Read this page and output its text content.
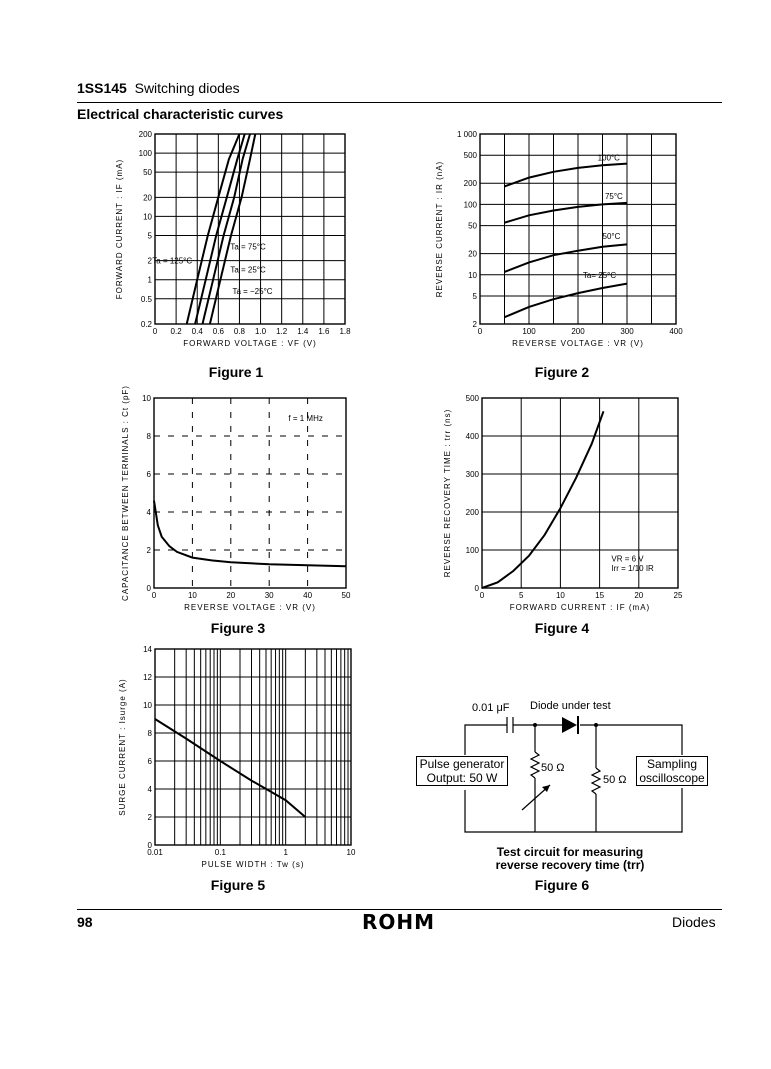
1SS145 Switching diodes
Electrical characteristic curves
0 0.2 0.4 0.6 0.8 1.0 1.2 1.4 1.6 1.8
200
100
50
20
10
5
2
1
0.5
0.2
FORWARD VOLTAGE : VF (V)
FORWARD CURRENT : IF (mA)	Ta = 125°C
Ta = 75°C
Ta = 25°C
Ta = −25°C
Figure 1
0	100	200	300	400
1 000
500
200
100
50
20
10
5
2
REVERSE VOLTAGE : VR (V)
REVERSE CURRENT : IR (nA)
100°C
75°C
50°C
Ta= 25°C
Figure 2
0	10	20	30	40	50
10
8
6
4
2
0
REVERSE VOLTAGE : VR (V)
CAPACITANCE BETWEEN TERMINALS : Ct (pF)	f = 1 MHz
Figure 3
0	5	10	15	20	25
500
400
300
200
100
0
FORWARD CURRENT : IF (mA)
REVERSE RECOVERY TIME : trr (ns)	VR = 6 V
Irr = 1/10 IR
Figure 4
0.01	0.1	1	10
14
12
10
8
6
4
2
0
PULSE WIDTH : Tw (s)
SURGE CURRENT : Isurge (A)
Figure 5
0.01 μF Diode under test
Pulse generator
Output: 50 W
50 Ω
50 Ω
Sampling
oscilloscope
Test circuit for measuring
reverse recovery time (trr)
Figure 6
98	ROHM	Diodes
